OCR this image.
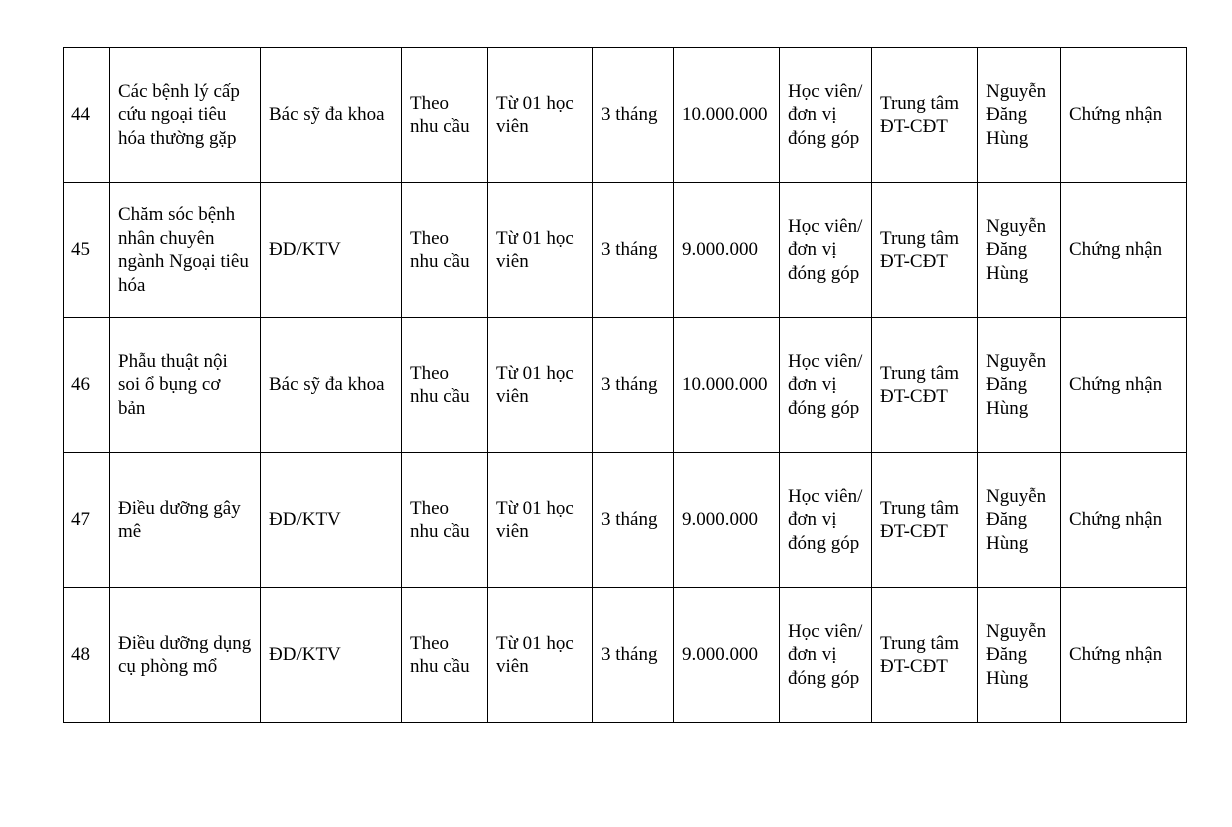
44	Các bệnh lý cấp cứu ngoại tiêu hóa thường gặp	Bác sỹ đa khoa	Theo nhu cầu	Từ 01 học viên	3 tháng	10.000.000	Học viên/ đơn vị đóng góp	Trung tâm ĐT-CĐT	Nguyễn Đăng Hùng	Chứng nhận
45	Chăm sóc bệnh nhân chuyên ngành Ngoại tiêu hóa	ĐD/KTV	Theo nhu cầu	Từ 01 học viên	3 tháng	9.000.000	Học viên/ đơn vị đóng góp	Trung tâm ĐT-CĐT	Nguyễn Đăng Hùng	Chứng nhận
46	Phẫu thuật nội soi ổ bụng cơ bản	Bác sỹ đa khoa	Theo nhu cầu	Từ 01 học viên	3 tháng	10.000.000	Học viên/ đơn vị đóng góp	Trung tâm ĐT-CĐT	Nguyễn Đăng Hùng	Chứng nhận
47	Điều dưỡng gây mê	ĐD/KTV	Theo nhu cầu	Từ 01 học viên	3 tháng	9.000.000	Học viên/ đơn vị đóng góp	Trung tâm ĐT-CĐT	Nguyễn Đăng Hùng	Chứng nhận
48	Điều dưỡng dụng cụ phòng mổ	ĐD/KTV	Theo nhu cầu	Từ 01 học viên	3 tháng	9.000.000	Học viên/ đơn vị đóng góp	Trung tâm ĐT-CĐT	Nguyễn Đăng Hùng	Chứng nhận
